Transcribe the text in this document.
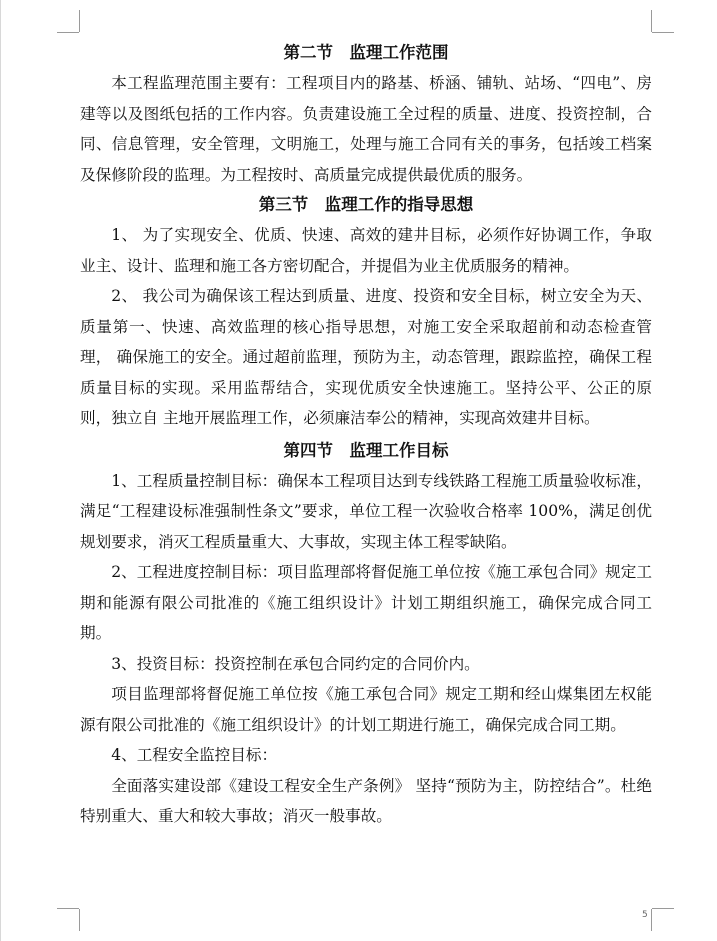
第二节　监理工作范围

本工程监理范围主要有：工程项目内的路基、桥涵、铺轨、站场、“四电”、房建等以及图纸包括的工作内容。负责建设施工全过程的质量、进度、投资控制，合同、信息管理，安全管理，文明施工，处理与施工合同有关的事务，包括竣工档案及保修阶段的监理。为工程按时、高质量完成提供最优质的服务。

第三节　监理工作的指导思想

1、 为了实现安全、优质、快速、高效的建井目标，必须作好协调工作，争取业主、设计、监理和施工各方密切配合，并提倡为业主优质服务的精神。

2、 我公司为确保该工程达到质量、进度、投资和安全目标，树立安全为天、 质量第一、快速、高效监理的核心指导思想，对施工安全采取超前和动态检查管理， 确保施工的安全。通过超前监理，预防为主，动态管理，跟踪监控，确保工程质量目标的实现。采用监帮结合，实现优质安全快速施工。坚持公平、公正的原则，独立自 主地开展监理工作，必须廉洁奉公的精神，实现高效建井目标。

第四节　监理工作目标

1、工程质量控制目标：确保本工程项目达到专线铁路工程施工质量验收标准，满足“工程建设标准强制性条文”要求，单位工程一次验收合格率 100%，满足创优规划要求，消灭工程质量重大、大事故，实现主体工程零缺陷。

2、工程进度控制目标：项目监理部将督促施工单位按《施工承包合同》规定工期和能源有限公司批准的《施工组织设计》计划工期组织施工，确保完成合同工期。

3、投资目标：投资控制在承包合同约定的合同价内。

项目监理部将督促施工单位按《施工承包合同》规定工期和经山煤集团左权能源有限公司批准的《施工组织设计》的计划工期进行施工，确保完成合同工期。

4、工程安全监控目标：

全面落实建设部《建设工程安全生产条例》 坚持“预防为主，防控结合”。杜绝特别重大、重大和较大事故；消灭一般事故。

5
